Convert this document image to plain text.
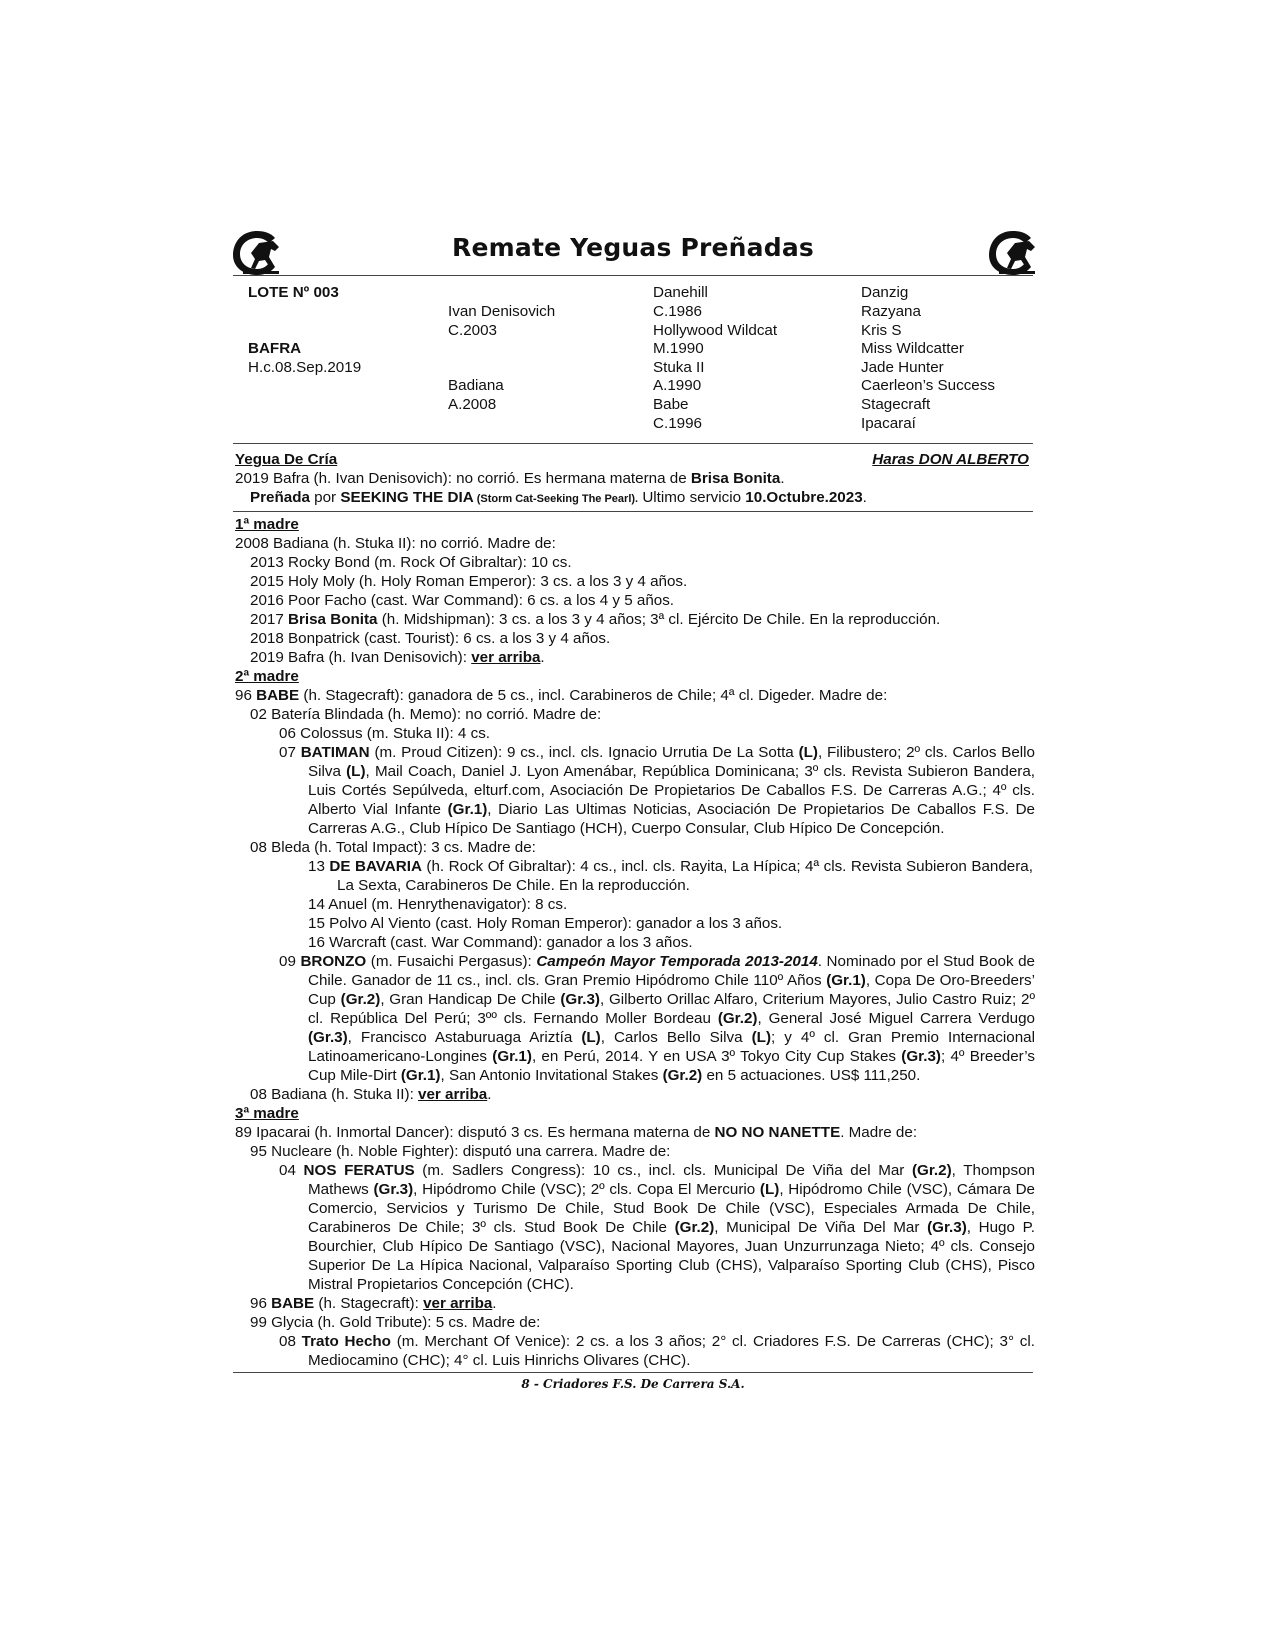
Remate Yeguas Preñadas
LOTE Nº 003
BAFRA
H.c.08.Sep.2019
Ivan Denisovich
C.2003
Badiana
A.2008
Danehill
C.1986
Hollywood Wildcat
M.1990
Stuka II
A.1990
Babe
C.1996
Danzig
Razyana
Kris S
Miss Wildcatter
Jade Hunter
Caerleon’s Success
Stagecraft
Ipacaraí
Yegua De Cría	Haras DON ALBERTO
2019 Bafra (h. Ivan Denisovich): no corrió. Es hermana materna de Brisa Bonita.
Preñada por SEEKING THE DIA (Storm Cat-Seeking The Pearl). Ultimo servicio 10.Octubre.2023.
1ª madre
2008 Badiana (h. Stuka II): no corrió. Madre de:
2013 Rocky Bond (m. Rock Of Gibraltar): 10 cs.
2015 Holy Moly (h. Holy Roman Emperor): 3 cs. a los 3 y 4 años.
2016 Poor Facho (cast. War Command): 6 cs. a los 4 y 5 años.
2017 Brisa Bonita (h. Midshipman): 3 cs. a los 3 y 4 años; 3ª cl. Ejército De Chile. En la reproducción.
2018 Bonpatrick (cast. Tourist): 6 cs. a los 3 y 4 años.
2019 Bafra (h. Ivan Denisovich): ver arriba.
2ª madre
96 BABE (h. Stagecraft): ganadora de 5 cs., incl. Carabineros de Chile; 4ª cl. Digeder. Madre de:
02 Batería Blindada (h. Memo): no corrió. Madre de:
06 Colossus (m. Stuka II): 4 cs.
07 BATIMAN (m. Proud Citizen): 9 cs., incl. cls. Ignacio Urrutia De La Sotta (L), Filibustero; 2º cls. Carlos Bello Silva (L), Mail Coach, Daniel J. Lyon Amenábar, República Dominicana; 3º cls. Revista Subieron Bandera, Luis Cortés Sepúlveda, elturf.com, Asociación De Propietarios De Caballos F.S. De Carreras A.G.; 4º cls. Alberto Vial Infante (Gr.1), Diario Las Ultimas Noticias, Asociación De Propietarios De Caballos F.S. De Carreras A.G., Club Hípico De Santiago (HCH), Cuerpo Consular, Club Hípico De Concepción.
08 Bleda (h. Total Impact): 3 cs. Madre de:
13 DE BAVARIA (h. Rock Of Gibraltar): 4 cs., incl. cls. Rayita, La Hípica; 4ª cls. Revista Subieron Bandera, La Sexta, Carabineros De Chile. En la reproducción.
14 Anuel (m. Henrythenavigator): 8 cs.
15 Polvo Al Viento (cast. Holy Roman Emperor): ganador a los 3 años.
16 Warcraft (cast. War Command): ganador a los 3 años.
09 BRONZO (m. Fusaichi Pergasus): Campeón Mayor Temporada 2013-2014. Nominado por el Stud Book de Chile. Ganador de 11 cs., incl. cls. Gran Premio Hipódromo Chile 110º Años (Gr.1), Copa De Oro-Breeders’ Cup (Gr.2), Gran Handicap De Chile (Gr.3), Gilberto Orillac Alfaro, Criterium Mayores, Julio Castro Ruiz; 2º cl. República Del Perú; 3ºº cls. Fernando Moller Bordeau (Gr.2), General José Miguel Carrera Verdugo (Gr.3), Francisco Astaburuaga Ariztía (L), Carlos Bello Silva (L); y 4º cl. Gran Premio Internacional Latinoamericano-Longines (Gr.1), en Perú, 2014. Y en USA 3º Tokyo City Cup Stakes (Gr.3); 4º Breeder’s Cup Mile-Dirt (Gr.1), San Antonio Invitational Stakes (Gr.2) en 5 actuaciones. US$ 111,250.
08 Badiana (h. Stuka II): ver arriba.
3ª madre
89 Ipacarai (h. Inmortal Dancer): disputó 3 cs. Es hermana materna de NO NO NANETTE. Madre de:
95 Nucleare (h. Noble Fighter): disputó una carrera. Madre de:
04 NOS FERATUS (m. Sadlers Congress): 10 cs., incl. cls. Municipal De Viña del Mar (Gr.2), Thompson Mathews (Gr.3), Hipódromo Chile (VSC); 2º cls. Copa El Mercurio (L), Hipódromo Chile (VSC), Cámara De Comercio, Servicios y Turismo De Chile, Stud Book De Chile (VSC), Especiales Armada De Chile, Carabineros De Chile; 3º cls. Stud Book De Chile (Gr.2), Municipal De Viña Del Mar (Gr.3), Hugo P. Bourchier, Club Hípico De Santiago (VSC), Nacional Mayores, Juan Unzurrunzaga Nieto; 4º cls. Consejo Superior De La Hípica Nacional, Valparaíso Sporting Club (CHS), Valparaíso Sporting Club (CHS), Pisco Mistral Propietarios Concepción (CHC).
96 BABE (h. Stagecraft): ver arriba.
99 Glycia (h. Gold Tribute): 5 cs. Madre de:
08 Trato Hecho (m. Merchant Of Venice): 2 cs. a los 3 años; 2° cl. Criadores F.S. De Carreras (CHC); 3° cl. Mediocamino (CHC); 4° cl. Luis Hinrichs Olivares (CHC).
8 - Criadores F.S. De Carrera S.A.
